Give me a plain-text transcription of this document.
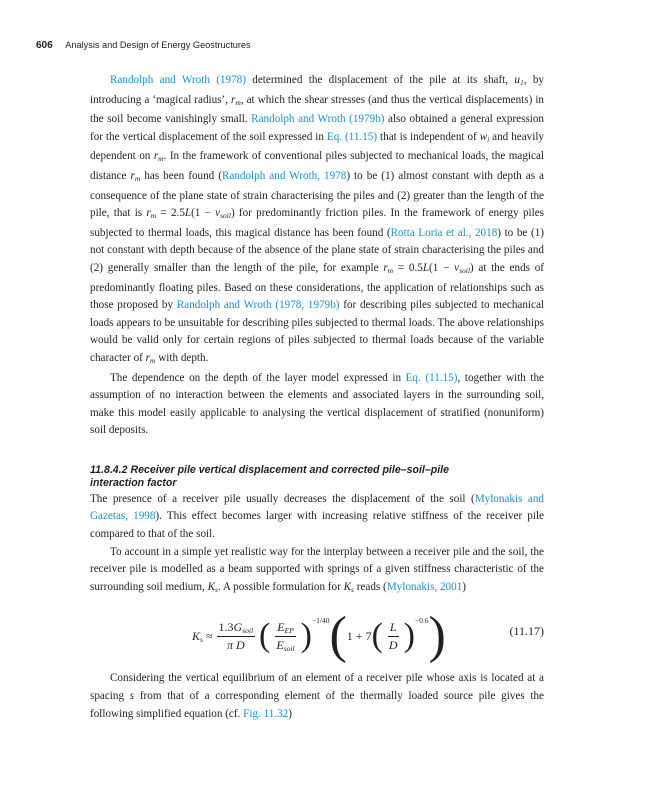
606 Analysis and Design of Energy Geostructures

Randolph and Wroth (1978) determined the displacement of the pile at its shaft, $u_1$, by introducing a ‘magical radius’, $r_m$, at which the shear stresses (and thus the vertical displacements) in the soil become vanishingly small. Randolph and Wroth (1979b) also obtained a general expression for the vertical displacement of the soil expressed in Eq. (11.15) that is independent of $w_i$ and heavily dependent on $r_m$. In the framework of conventional piles subjected to mechanical loads, the magical distance $r_m$ has been found (Randolph and Wroth, 1978) to be (1) almost constant with depth as a consequence of the plane state of strain characterising the piles and (2) greater than the length of the pile, that is $r_m = 2.5L(1 - \nu_{soil})$ for predominantly friction piles. In the framework of energy piles subjected to thermal loads, this magical distance has been found (Rotta Loria et al., 2018) to be (1) not constant with depth because of the absence of the plane state of strain characterising the piles and (2) generally smaller than the length of the pile, for example $r_m = 0.5L(1 - \nu_{soil})$ at the ends of predominantly floating piles. Based on these considerations, the application of relationships such as those proposed by Randolph and Wroth (1978, 1979b) for describing piles subjected to mechanical loads appears to be unsuitable for describing piles subjected to thermal loads. The above relationships would be valid only for certain regions of piles subjected to thermal loads because of the variable character of $r_m$ with depth.

The dependence on the depth of the layer model expressed in Eq. (11.15), together with the assumption of no interaction between the elements and associated layers in the surrounding soil, make this model easily applicable to analysing the vertical displacement of stratified (nonuniform) soil deposits.

11.8.4.2 Receiver pile vertical displacement and corrected pile–soil–pile
interaction factor

The presence of a receiver pile usually decreases the displacement of the soil (Mylonakis and Gazetas, 1998). This effect becomes larger with increasing relative stiffness of the receiver pile compared to that of the soil.

To account in a simple yet realistic way for the interplay between a receiver pile and the soil, the receiver pile is modelled as a beam supported with springs of a given stiffness characteristic of the surrounding soil medium, $K_s$. A possible formulation for $K_s$ reads (Mylonakis, 2001)

$K_s \approx \frac{1.3G_{soil}}{\text{π D}}$ ( $\frac{E_{EP}}{E_{soil}}$ ) −1/40 ( 1 + 7 ( $\frac{L}{D}$ ) −0.6 )	(11.17)

Considering the vertical equilibrium of an element of a receiver pile whose axis is located at a spacing s from that of a corresponding element of the thermally loaded source pile gives the following simplified equation (cf. Fig. 11.32)
